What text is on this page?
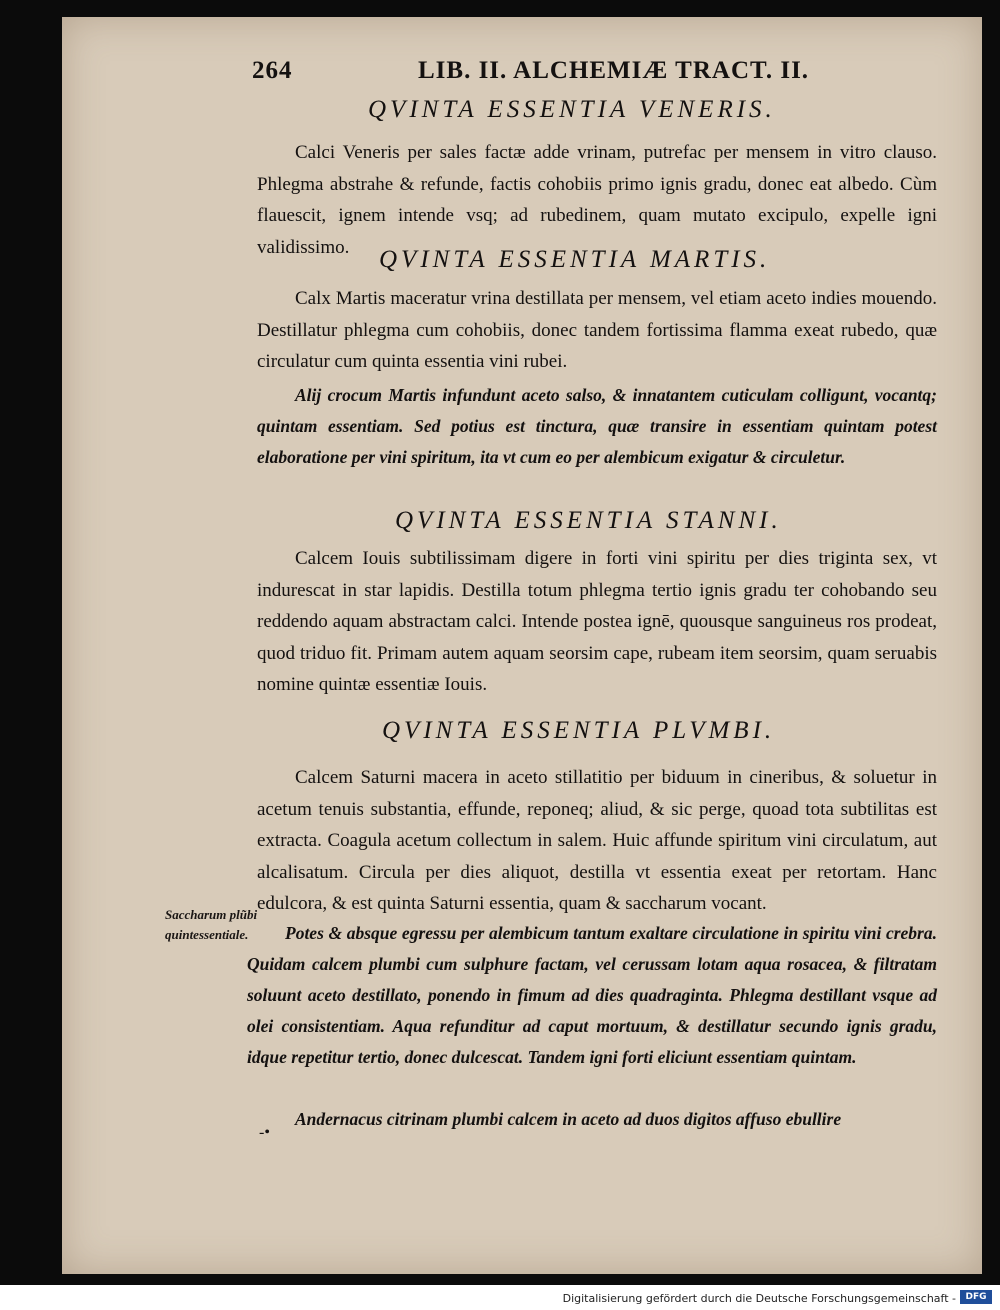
264	LIB. II. ALCHEMIÆ TRACT. II.
QVINTA ESSENTIA VENERIS.
Calci Veneris per sales factæ adde vrinam, putrefac per mensem in vitro clauso. Phlegma abstrahe & refunde, factis cohobiis primo ignis gradu, donec eat albedo. Cùm flauescit, ignem intende vsq; ad rubedinem, quam mutato excipulo, expelle igni validissimo.	QVINTA ESSENTIA MARTIS.
Calx Martis maceratur vrina destillata per mensem, vel etiam aceto indies mouendo. Destillatur phlegma cum cohobiis, donec tandem fortissima flamma exeat rubedo, quæ circulatur cum quinta essentia vini rubei.
Alij crocum Martis infundunt aceto salso, & innatantem cuticulam colligunt, vocantq; quintam essentiam. Sed potius est tinctura, quæ transire in essentiam quintam potest elaboratione per vini spiritum, ita vt cum eo per alembicum exigatur & circuletur.
QVINTA ESSENTIA STANNI.
Calcem Iouis subtilissimam digere in forti vini spiritu per dies triginta sex, vt indurescat in star lapidis. Destilla totum phlegma tertio ignis gradu ter cohobando seu reddendo aquam abstractam calci. Intende postea ignē, quousque sanguineus ros prodeat, quod triduo fit. Primam autem aquam seorsim cape, rubeam item seorsim, quam seruabis nomine quintæ essentiæ Iouis.
QVINTA ESSENTIA PLVMBI.
Calcem Saturni macera in aceto stillatitio per biduum in cineribus, & soluetur in acetum tenuis substantia, effunde, reponeq; aliud, & sic perge, quoad tota subtilitas est extracta. Coagula acetum collectum in salem. Huic affunde spiritum vini circulatum, aut alcalisatum. Circula per dies aliquot, destilla vt essentia exeat per retortam. Hanc edulcora, & est quinta Saturni essentia, quam & saccharum vocant.
Potes & absque egressu per alembicum tantum exaltare circulatione in spiritu vini crebra. Quidam calcem plumbi cum sulphure factam, vel cerussam lotam aqua rosacea, & filtratam soluunt aceto destillato, ponendo in fimum ad dies quadraginta. Phlegma destillant vsque ad olei consistentiam. Aqua refunditur ad caput mortuum, & destillatur secundo ignis gradu, idque repetitur tertio, donec dulcescat. Tandem igni forti eliciunt essentiam quintam.
Andernacus citrinam plumbi calcem in aceto ad duos digitos affuso ebullire
Saccharum plũbi quintessentiale.
-•
Digitalisierung gefördert durch die Deutsche Forschungsgemeinschaft -	DFG
